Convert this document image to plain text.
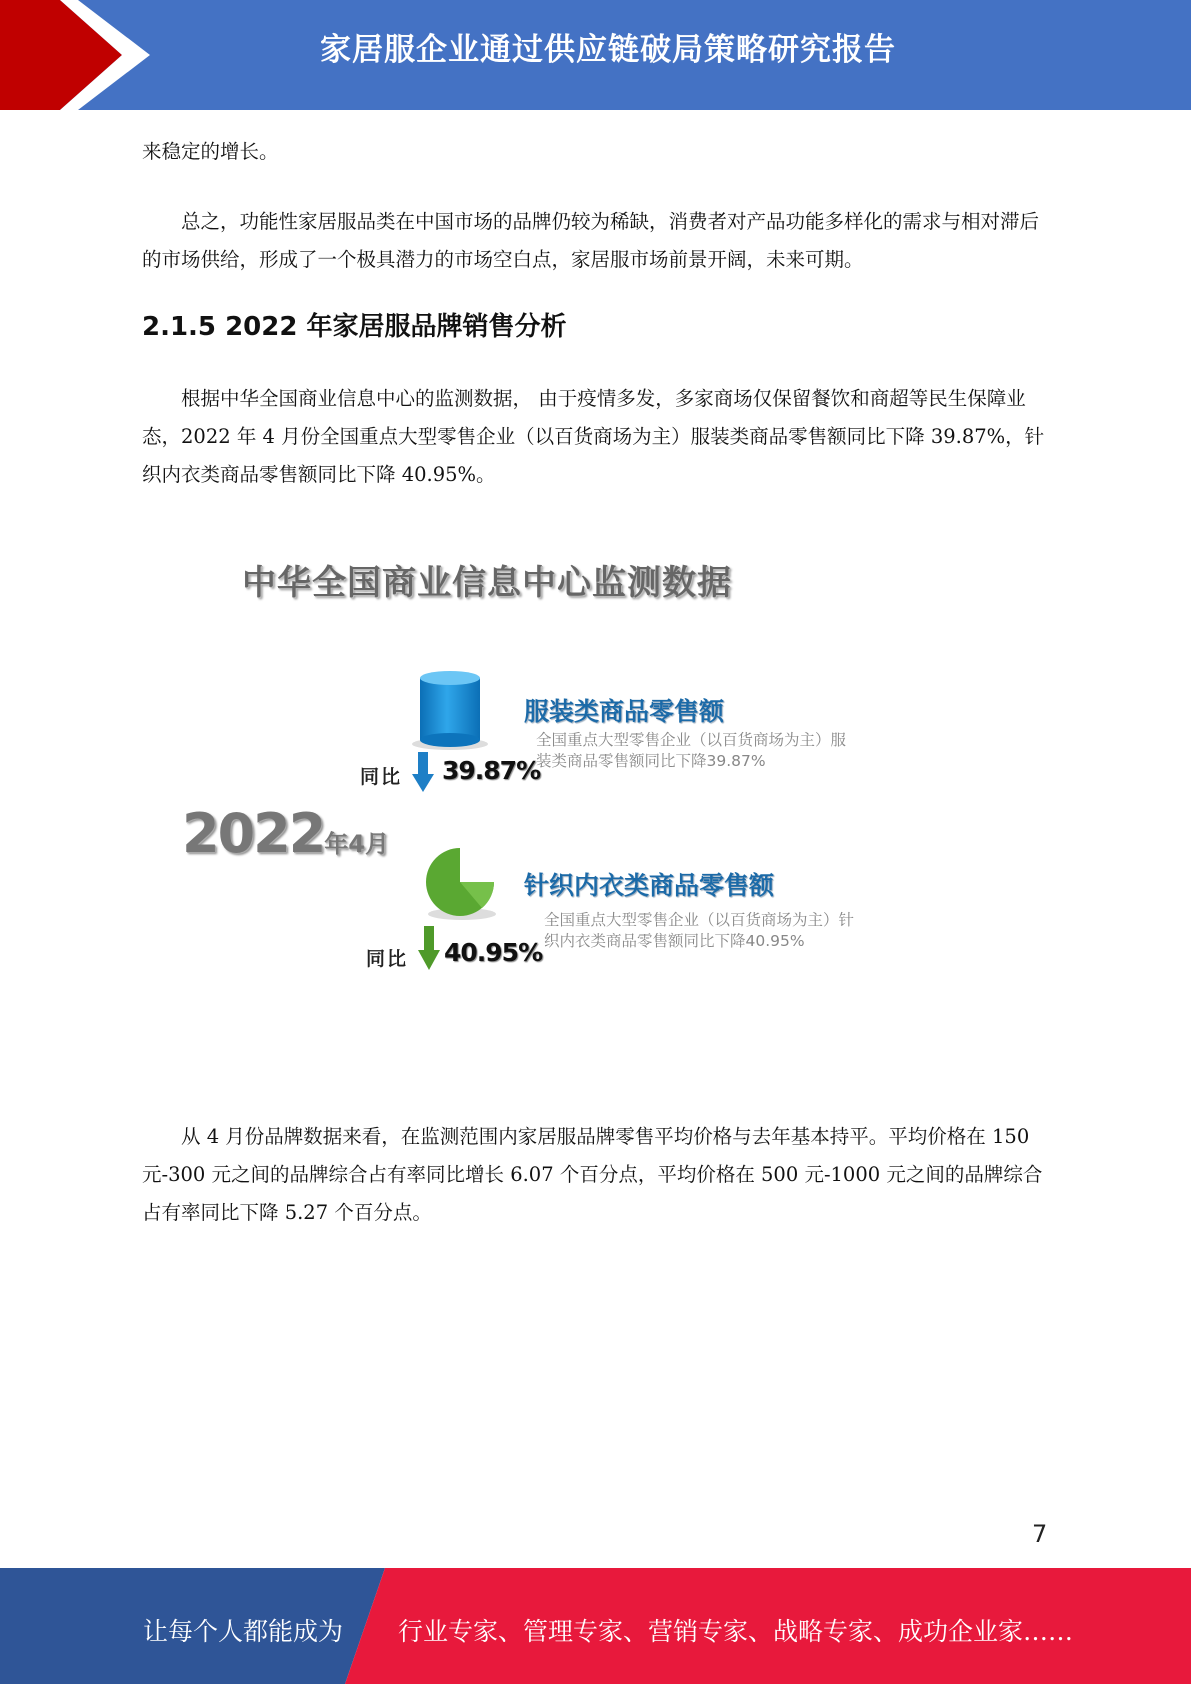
家居服企业通过供应链破局策略研究报告
来稳定的增长。
总之，功能性家居服品类在中国市场的品牌仍较为稀缺，消费者对产品功能多样化的需求与相对滞后的市场供给，形成了一个极具潜力的市场空白点，家居服市场前景开阔，未来可期。
2.1.5 2022 年家居服品牌销售分析
根据中华全国商业信息中心的监测数据， 由于疫情多发，多家商场仅保留餐饮和商超等民生保障业态，2022 年 4 月份全国重点大型零售企业（以百货商场为主）服装类商品零售额同比下降 39.87%，针织内衣类商品零售额同比下降 40.95%。
中华全国商业信息中心监测数据
服装类商品零售额
全国重点大型零售企业（以百货商场为主）服装类商品零售额同比下降39.87%
同比 39.87%
2022年4月
针织内衣类商品零售额
全国重点大型零售企业（以百货商场为主）针织内衣类商品零售额同比下降40.95%
同比 40.95%
从 4 月份品牌数据来看，在监测范围内家居服品牌零售平均价格与去年基本持平。平均价格在 150 元-300 元之间的品牌综合占有率同比增长 6.07 个百分点，平均价格在 500 元-1000 元之间的品牌综合占有率同比下降 5.27 个百分点。
7
让每个人都能成为 行业专家、管理专家、营销专家、战略专家、成功企业家……
